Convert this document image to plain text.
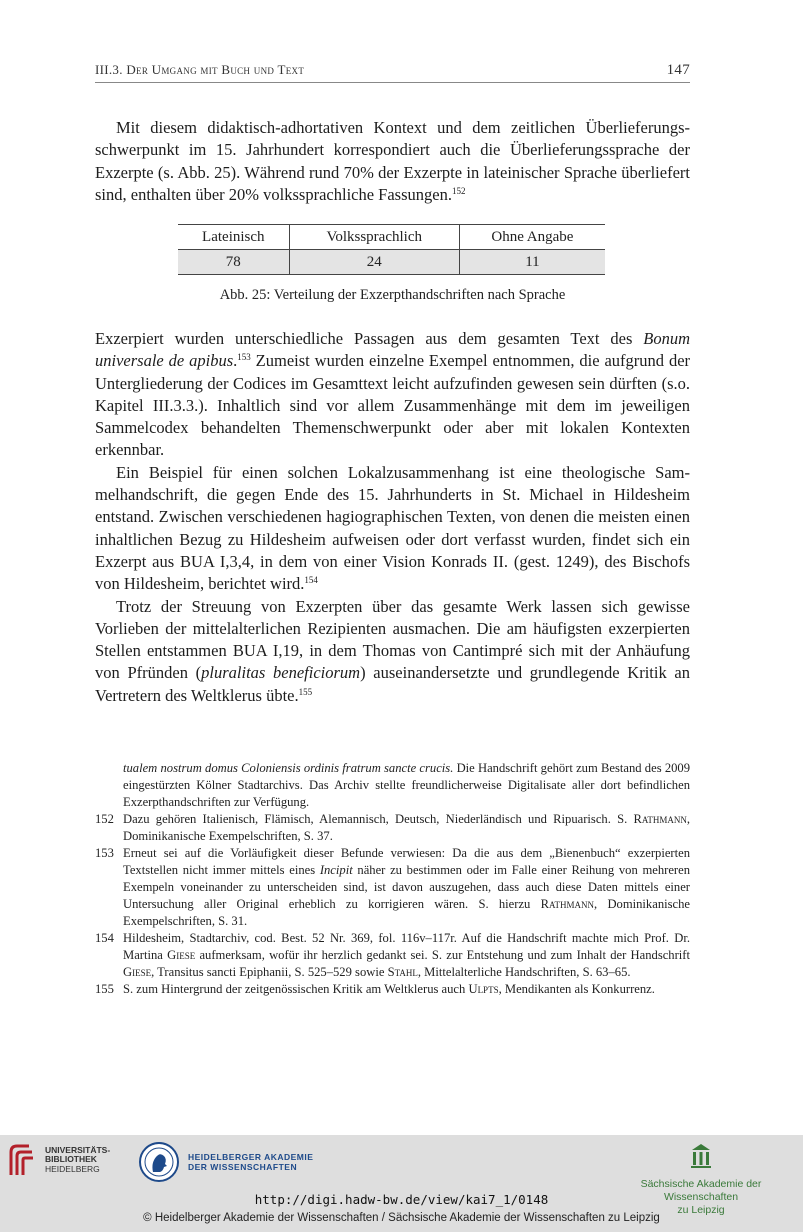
III.3. Der Umgang mit Buch und Text	147

Mit diesem didaktisch-adhortativen Kontext und dem zeitlichen Überlieferungsschwerpunkt im 15. Jahrhundert korrespondiert auch die Überlieferungssprache der Exzerpte (s. Abb. 25). Während rund 70% der Exzerpte in lateinischer Sprache überliefert sind, enthalten über 20% volkssprachliche Fassungen.$^{152}$

Lateinisch	Volkssprachlich	Ohne Angabe
78	24	11
Abb. 25: Verteilung der Exzerpthandschriften nach Sprache

Exzerpiert wurden unterschiedliche Passagen aus dem gesamten Text des Bonum universale de apibus.$^{153}$ Zumeist wurden einzelne Exempel entnommen, die aufgrund der Untergliederung der Codices im Gesamttext leicht aufzufinden gewesen sein dürften (s.o. Kapitel III.3.3.). Inhaltlich sind vor allem Zusammenhänge mit dem im jeweiligen Sammelcodex behandelten Themenschwerpunkt oder aber mit lokalen Kontexten erkennbar.

Ein Beispiel für einen solchen Lokalzusammenhang ist eine theologische Sammelhandschrift, die gegen Ende des 15. Jahrhunderts in St. Michael in Hildesheim entstand. Zwischen verschiedenen hagiographischen Texten, von denen die meisten einen inhaltlichen Bezug zu Hildesheim aufweisen oder dort verfasst wurden, findet sich ein Exzerpt aus BUA I,3,4, in dem von einer Vision Konrads II. (gest. 1249), des Bischofs von Hildesheim, berichtet wird.$^{154}$

Trotz der Streuung von Exzerpten über das gesamte Werk lassen sich gewisse Vorlieben der mittelalterlichen Rezipienten ausmachen. Die am häufigsten exzerpierten Stellen entstammen BUA I,19, in dem Thomas von Cantimpré sich mit der Anhäufung von Pfründen (pluralitas beneficiorum) auseinandersetzte und grundlegende Kritik an Vertretern des Weltklerus übte.$^{155}$

tualem nostrum domus Coloniensis ordinis fratrum sancte crucis. Die Handschrift gehört zum Bestand des 2009 eingestürzten Kölner Stadtarchivs. Das Archiv stellte freundlicherweise Digitalisate aller dort befindlichen Exzerpthandschriften zur Verfügung.
152 Dazu gehören Italienisch, Flämisch, Alemannisch, Deutsch, Niederländisch und Ripuarisch. S. Rathmann, Dominikanische Exempelschriften, S. 37.
153 Erneut sei auf die Vorläufigkeit dieser Befunde verwiesen: Da die aus dem „Bienenbuch“ exzerpierten Textstellen nicht immer mittels eines Incipit näher zu bestimmen oder im Falle einer Reihung von mehreren Exempeln voneinander zu unterscheiden sind, ist davon auszugehen, dass auch diese Daten mittels einer Untersuchung aller Original erheblich zu korrigieren wären. S. hierzu Rathmann, Dominikanische Exempelschriften, S. 31.
154 Hildesheim, Stadtarchiv, cod. Best. 52 Nr. 369, fol. 116v–117r. Auf die Handschrift machte mich Prof. Dr. Martina Giese aufmerksam, wofür ihr herzlich gedankt sei. S. zur Entstehung und zum Inhalt der Handschrift Giese, Transitus sancti Epiphanii, S. 525–529 sowie Stahl, Mittelalterliche Handschriften, S. 63–65.
155 S. zum Hintergrund der zeitgenössischen Kritik am Weltklerus auch Ulpts, Mendikanten als Konkurrenz.
UNIVERSITÄTS-
BIBLIOTHEK
HEIDELBERG
HEIDELBERGER AKADEMIE
DER WISSENSCHAFTEN
Sächsische Akademie der Wissenschaften
zu Leipzig
http://digi.hadw-bw.de/view/kai7_1/0148
© Heidelberger Akademie der Wissenschaften / Sächsische Akademie der Wissenschaften zu Leipzig
